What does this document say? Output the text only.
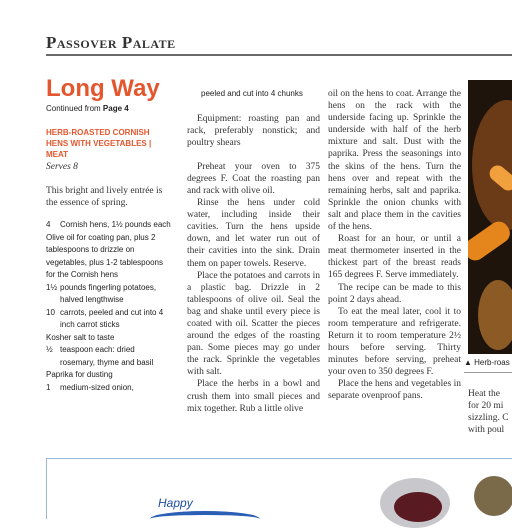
Passover Palate
Long Way
Continued from Page 4
HERB-ROASTED CORNISH HENS WITH VEGETABLES | MEAT
Serves 8
This bright and lively entrée is the essence of spring.
4 Cornish hens, 1½ pounds each
Olive oil for coating pan, plus 2 tablespoons to drizzle on vegetables, plus 1-2 tablespoons for the Cornish hens
1½ pounds fingerling potatoes, halved lengthwise
10 carrots, peeled and cut into 4 inch carrot sticks
Kosher salt to taste
½ teaspoon each: dried rosemary, thyme and basil
Paprika for dusting
1 medium-sized onion,
peeled and cut into 4 chunks

Equipment: roasting pan and rack, preferably nonstick; and poultry shears

Preheat your oven to 375 degrees F. Coat the roasting pan and rack with olive oil.

Rinse the hens under cold water, including inside their cavities. Turn the hens upside down, and let water run out of their cavities into the sink. Drain them on paper towels. Reserve.

Place the potatoes and carrots in a plastic bag. Drizzle in 2 tablespoons of olive oil. Seal the bag and shake until every piece is coated with oil. Scatter the pieces around the edges of the roasting pan. Some pieces may go under the rack. Sprinkle the vegetables with salt.

Place the herbs in a bowl and crush them into small pieces and mix together. Rub a little olive

oil on the hens to coat. Arrange the hens on the rack with the underside facing up. Sprinkle the underside with half of the herb mixture and salt. Dust with the paprika. Press the seasonings into the skins of the hens. Turn the hens over and repeat with the remaining herbs, salt and paprika. Sprinkle the onion chunks with salt and place them in the cavities of the hens.

Roast for an hour, or until a meat thermometer inserted in the thickest part of the breast reads 165 degrees F. Serve immediately.

The recipe can be made to this point 2 days ahead.

To eat the meal later, cool it to room temperature and refrigerate. Return it to room temperature 2½ hours before serving. Thirty minutes before serving, preheat your oven to 350 degrees F.

Place the hens and vegetables in separate ovenproof pans.

▲ Herb-roas
Heat the
for 20 mi
sizzling. C
with poul
Happy
